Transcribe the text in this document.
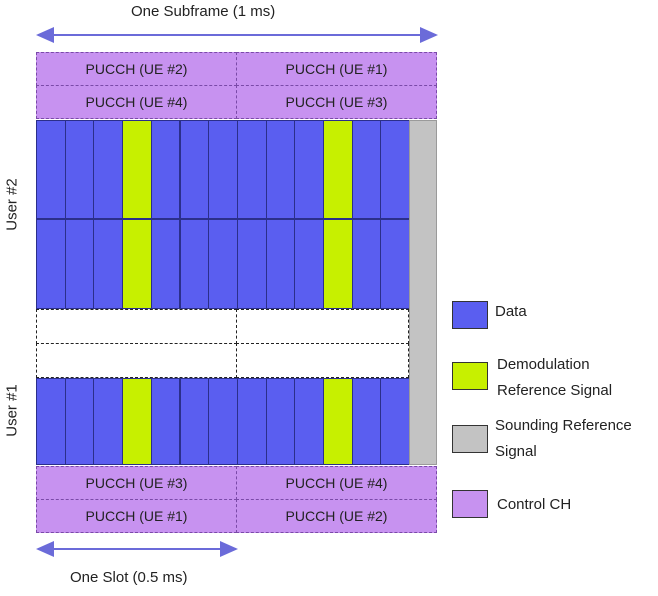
One Subframe (1 ms)
One Slot (0.5 ms)
User #2
User #1
PUCCH (UE #2)	PUCCH (UE #1)
PUCCH (UE #4)	PUCCH (UE #3)
PUCCH (UE #3)	PUCCH (UE #4)
PUCCH (UE #1)	PUCCH (UE #2)
Data
Demodulation
Reference Signal
Sounding Reference
Signal
Control CH
